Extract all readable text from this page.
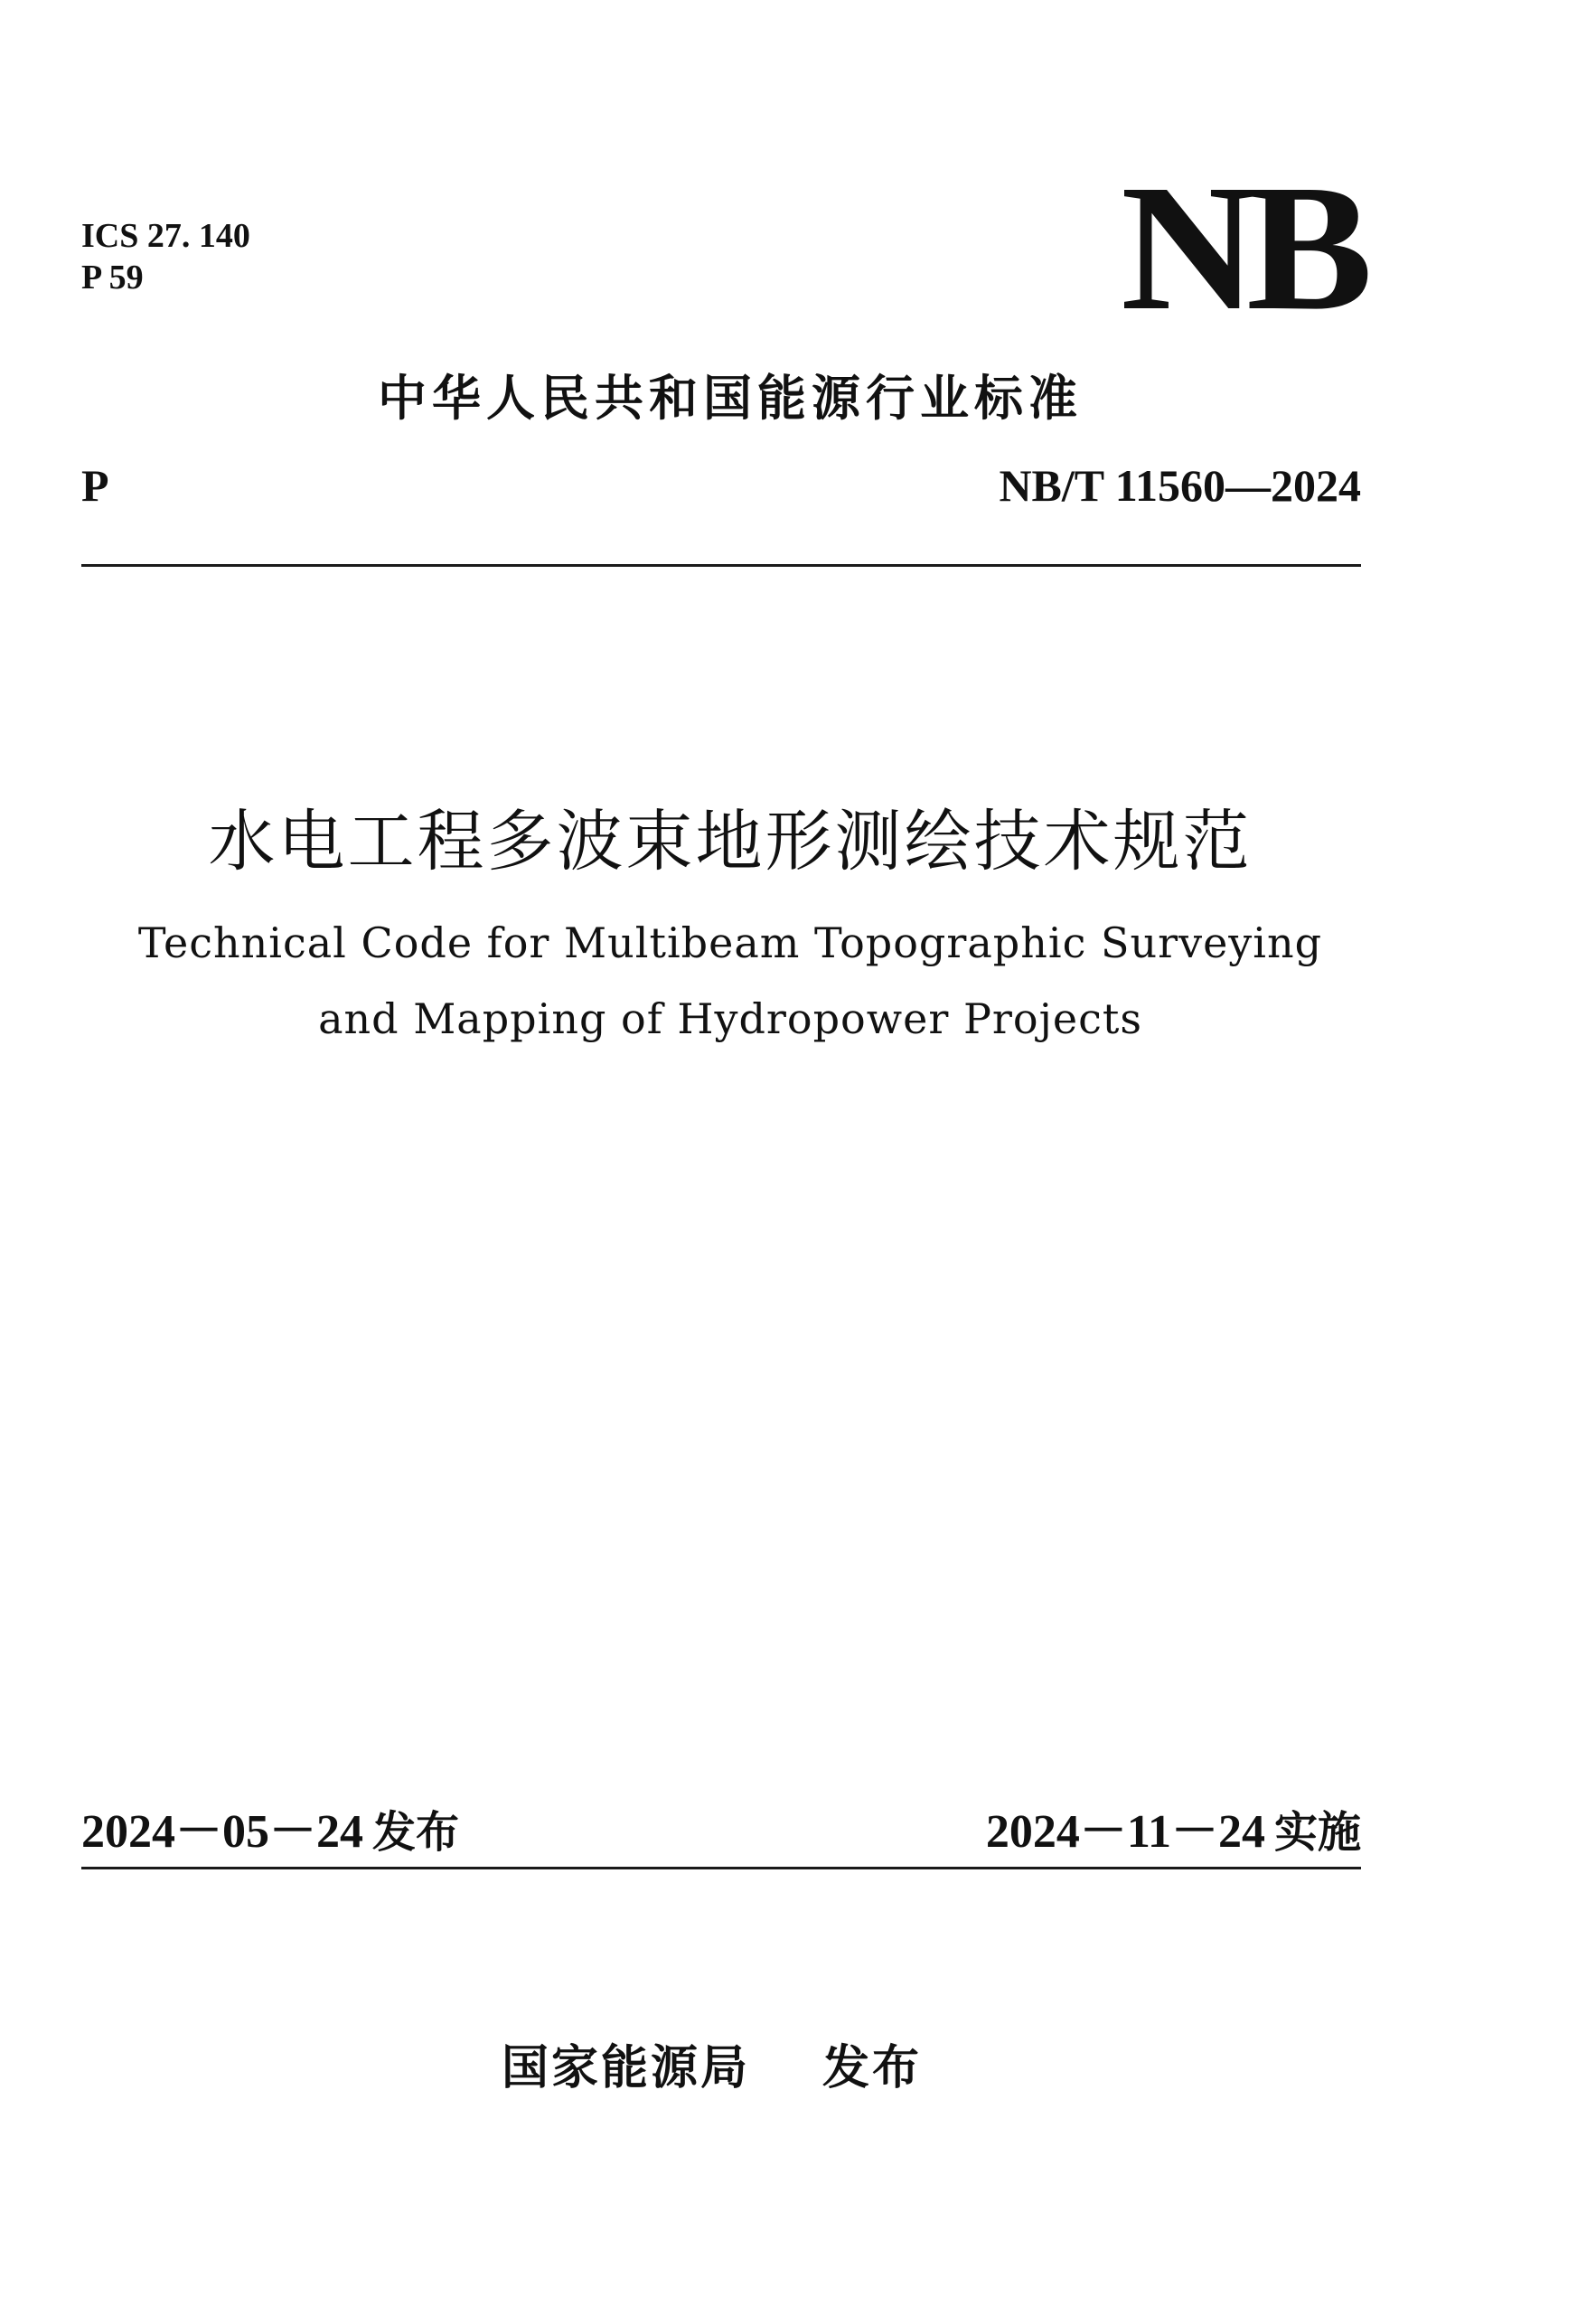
ICS 27. 140
P 59	NB
中华人民共和国能源行业标准
P	NB/T 11560—2024
水电工程多波束地形测绘技术规范
Technical Code for Multibeam Topographic Surveying
and Mapping of Hydropower Projects
2024－05－24 发布	2024－11－24 实施
国家能源局 发布
